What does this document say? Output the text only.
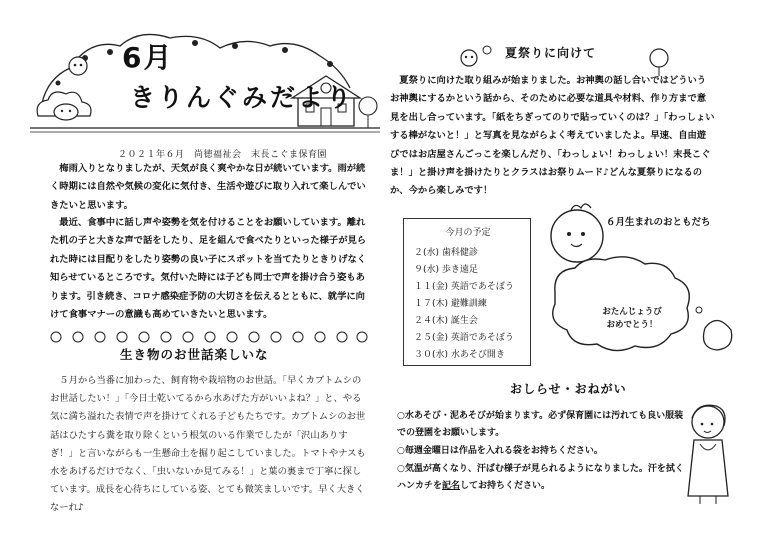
6月
きりんぐみだより
２０２１年６月　尚徳福祉会　末長こぐま保育園

　梅雨入りとなりましたが、天気が良く爽やかな日が続いています。雨が続く時期には自然や気候の変化に気付き、生活や遊びに取り入れて楽しんでいきたいと思います。

　最近、食事中に話し声や姿勢を気を付けることをお願いしています。離れた机の子と大きな声で話をしたり、足を組んで食べたりといった様子が見られた時には目配りをしたり姿勢の良い子にスポットを当てたりときりげなく知らせているところです。気付いた時には子ども同士で声を掛け合う姿もあります。引き続き、コロナ感染症予防の大切さを伝えるとともに、就学に向けて食事マナーの意識も高めていきたいと思います。

生き物のお世話楽しいな

　５月から当番に加わった、飼育物や栽培物のお世話。「早くカブトムシのお世話したい！」「今日土乾いてるから水あげた方がいいよね？」と、やる気に満ち溢れた表情で声を掛けてくれる子どもたちです。カブトムシのお世話はひたすら糞を取り除くという根気のいる作業でしたが「沢山ありすぎ！」と言いながらも一生懸命土を掘り起こしていました。トマトやナスも水をあげるだけでなく、「虫いないか見てみる！」と葉の裏まで丁寧に探しています。成長を心待ちにしている姿、とても微笑ましいです。早く大きくなーれ♪

夏祭りに向けて

　夏祭りに向けた取り組みが始まりました。お神輿の話し合いではどういうお神輿にするかという話から、そのために必要な道具や材料、作り方まで意見を出し合っています。「紙をちぎってのりで貼っていくのは？」「わっしょいする棒がないと！」と写真を見ながらよく考えていましたよ。早速、自由遊びではお店屋さんごっこを楽しんだり、「わっしょい！わっしょい！末長こぐま！」と掛け声を掛けたりとクラスはお祭りムード♪どんな夏祭りになるのか、今から楽しみです！

今月の予定
２(水) 歯科健診
９(水) 歩き遠足
１１(金) 英語であそぼう
１７(木) 避難訓練
２４(木) 誕生会
２５(金) 英語であそぼう
３０(水) 水あそび開き
６月生まれのおともだち
おたんじょうび
おめでとう！
おしらせ・おねがい

○水あそび・泥あそびが始まります。必ず保育園には汚れても良い服装での登園をお願いします。

○毎週金曜日は作品を入れる袋をお持ちください。

○気温が高くなり、汗ばむ様子が見られるようになりました。汗を拭くハンカチを記名してお持ちください。
